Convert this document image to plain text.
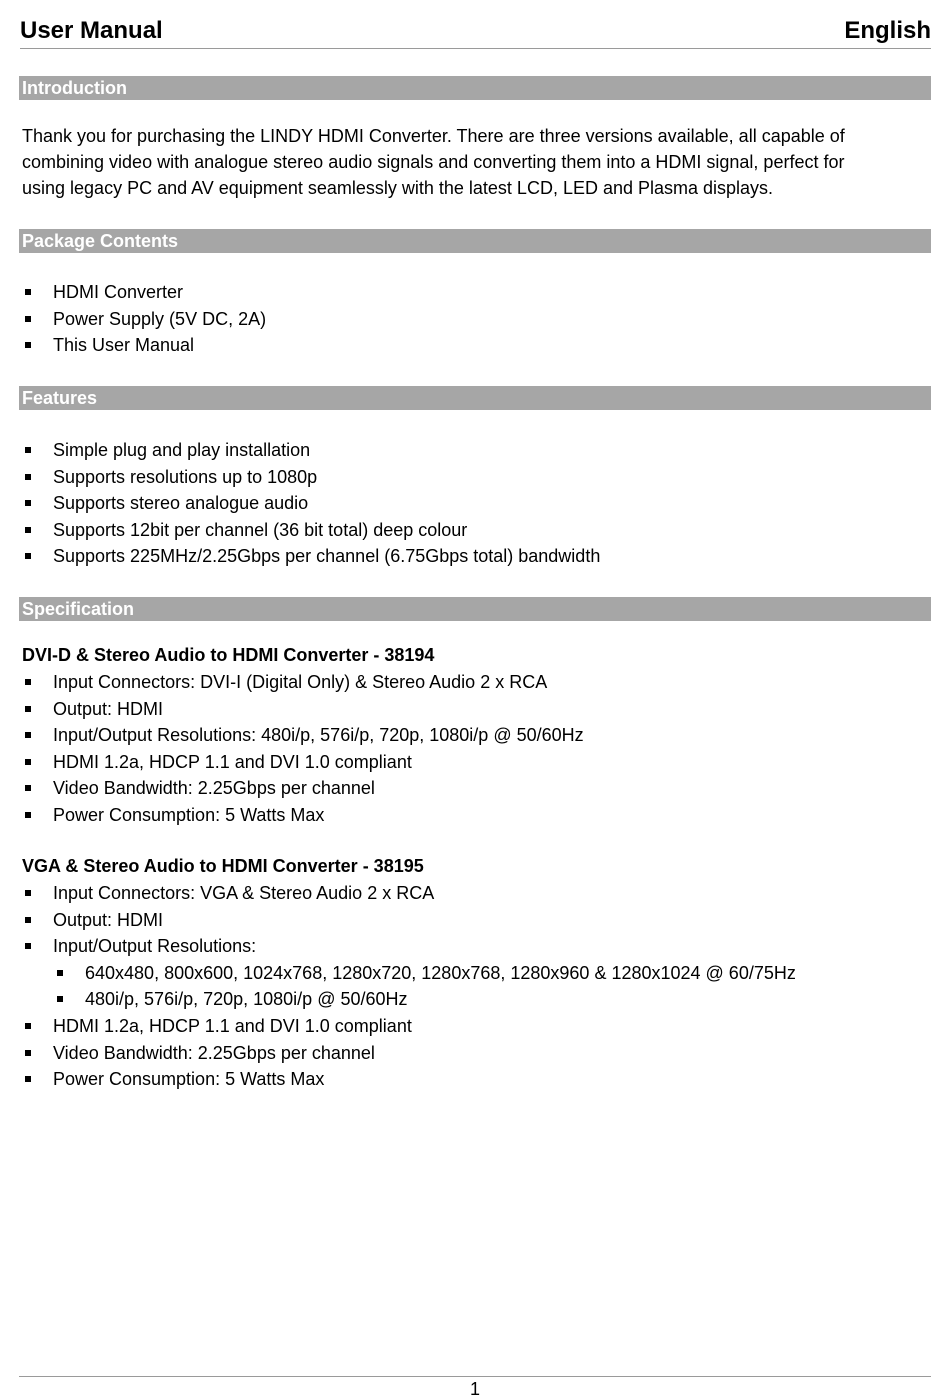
User Manual	English
Introduction
Thank you for purchasing the LINDY HDMI Converter. There are three versions available, all capable of
combining video with analogue stereo audio signals and converting them into a HDMI signal, perfect for
using legacy PC and AV equipment seamlessly with the latest LCD, LED and Plasma displays.
Package Contents
HDMI Converter
Power Supply (5V DC, 2A)
This User Manual
Features
Simple plug and play installation
Supports resolutions up to 1080p
Supports stereo analogue audio
Supports 12bit per channel (36 bit total) deep colour
Supports 225MHz/2.25Gbps per channel (6.75Gbps total) bandwidth
Specification
DVI-D & Stereo Audio to HDMI Converter - 38194
Input Connectors: DVI-I (Digital Only) & Stereo Audio 2 x RCA
Output: HDMI
Input/Output Resolutions: 480i/p, 576i/p, 720p, 1080i/p @ 50/60Hz
HDMI 1.2a, HDCP 1.1 and DVI 1.0 compliant
Video Bandwidth: 2.25Gbps per channel
Power Consumption: 5 Watts Max
VGA & Stereo Audio to HDMI Converter - 38195
Input Connectors: VGA & Stereo Audio 2 x RCA
Output: HDMI
Input/Output Resolutions:
640x480, 800x600, 1024x768, 1280x720, 1280x768, 1280x960 & 1280x1024 @ 60/75Hz
480i/p, 576i/p, 720p, 1080i/p @ 50/60Hz
HDMI 1.2a, HDCP 1.1 and DVI 1.0 compliant
Video Bandwidth: 2.25Gbps per channel
Power Consumption: 5 Watts Max
1
